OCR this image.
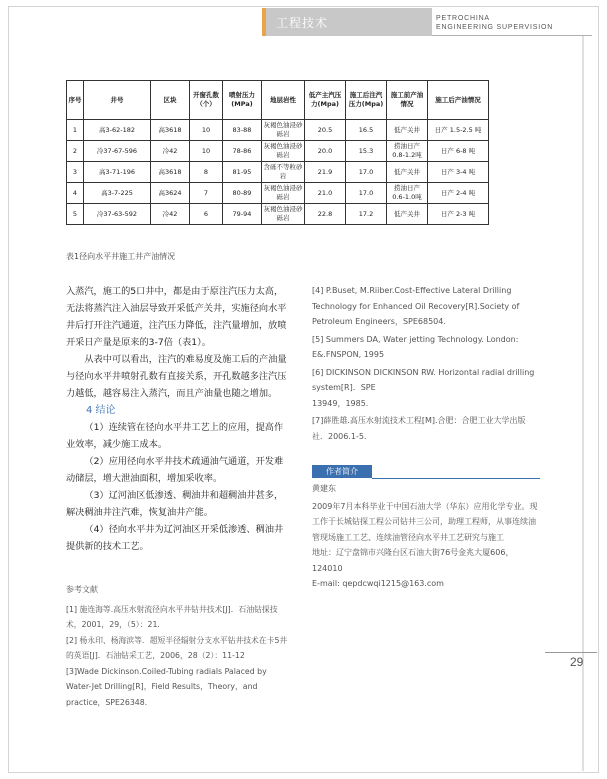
工程技术	PETROCHINA
ENGINEERING SUPERVISION
序号	井号	区块	开窗孔数（个）	喷射压力(MPa)	地层岩性	低产主汽压力(Mpa)	施工后注汽压力(Mpa)	施工前产油情况	施工后产油情况
1	高3-62-182	高3618	10	83-88	灰褐色油浸砂砾岩	20.5	16.5	低产关井	日产 1.5-2.5 吨
2	冷37-67-596	冷42	10	78-86	灰褐色油浸砂砾岩	20.0	15.3	捞油日产0.8-1.2吨	日产 6-8 吨
3	高3-71-196	高3618	8	81-95	含砾不等粒砂岩	21.9	17.0	低产关井	日产 3-4 吨
4	高3-7-225	高3624	7	80-89	灰褐色油浸砂砾岩	21.0	17.0	捞油日产0.6-1.0吨	日产 2-4 吨
5	冷37-63-592	冷42	6	79-94	灰褐色油浸砂砾岩	22.8	17.2	低产关井	日产 2-3 吨
表1径向水平井施工井产油情况

入蒸汽，施工的5口井中，都是由于原注汽压力太高，无法将蒸汽注入油层导致开采低产关井，实施径向水平井后打开注汽通道，注汽压力降低，注汽量增加，放喷开采日产量是原来的3-7倍（表1）。

从表中可以看出，注汽的难易度及施工后的产油量与径向水平井喷射孔数有直接关系，开孔数越多注汽压力越低，越容易注入蒸汽，而且产油量也随之增加。

4 结论

（1）连续管在径向水平井工艺上的应用，提高作业效率，减少施工成本。

（2）应用径向水平井技术疏通油气通道，开发难动储层，增大泄油面积，增加采收率。

（3）辽河油区低渗透、稠油井和超稠油井甚多，解决稠油井注汽难，恢复油井产能。

（4）径向水平井为辽河油区开采低渗透、稠油井提供新的技术工艺。

参考文献

[1] 施连海等.高压水射流径向水平井钻井技术[J]．石油钻探技术，2001，29，（5）：21.

[2] 杨永印、杨海滨等．超短半径辐射分支水平钻井技术在卡5井的英语[J]．石油钻采工艺，2006，28（2）：11-12

[3]Wade Dickinson.Coiled-Tubing radials Palaced by Water-Jet Drilling[R]，Field Results，Theory，and practice，SPE26348.

[4] P.Buset, M.Riiber.Cost-Effective Lateral Drilling Technology for Enhanced Oil Recovery[R].Society of Petroleum Engineers，SPE68504.

[5] Summers DA, Water jetting Technology. London: E&.FNSPON, 1995

[6] DICKINSON DICKINSON RW. Horizontal radial drilling system[R]．SPE

13949，1985.

[7]薛胜雄.高压水射流技术工程[M].合肥：合肥工业大学出版社．2006.1-5.

作者简介

黄建东

2009年7月本科毕业于中国石油大学（华东）应用化学专业。现工作于长城钻探工程公司钻井三公司，助理工程师，从事连续油管现场施工工艺、连续油管径向水平井工艺研究与施工

地址：辽宁盘锦市兴隆台区石油大街76号金兆大厦606，124010

E-mail: qepdcwqi1215@163.com

29
